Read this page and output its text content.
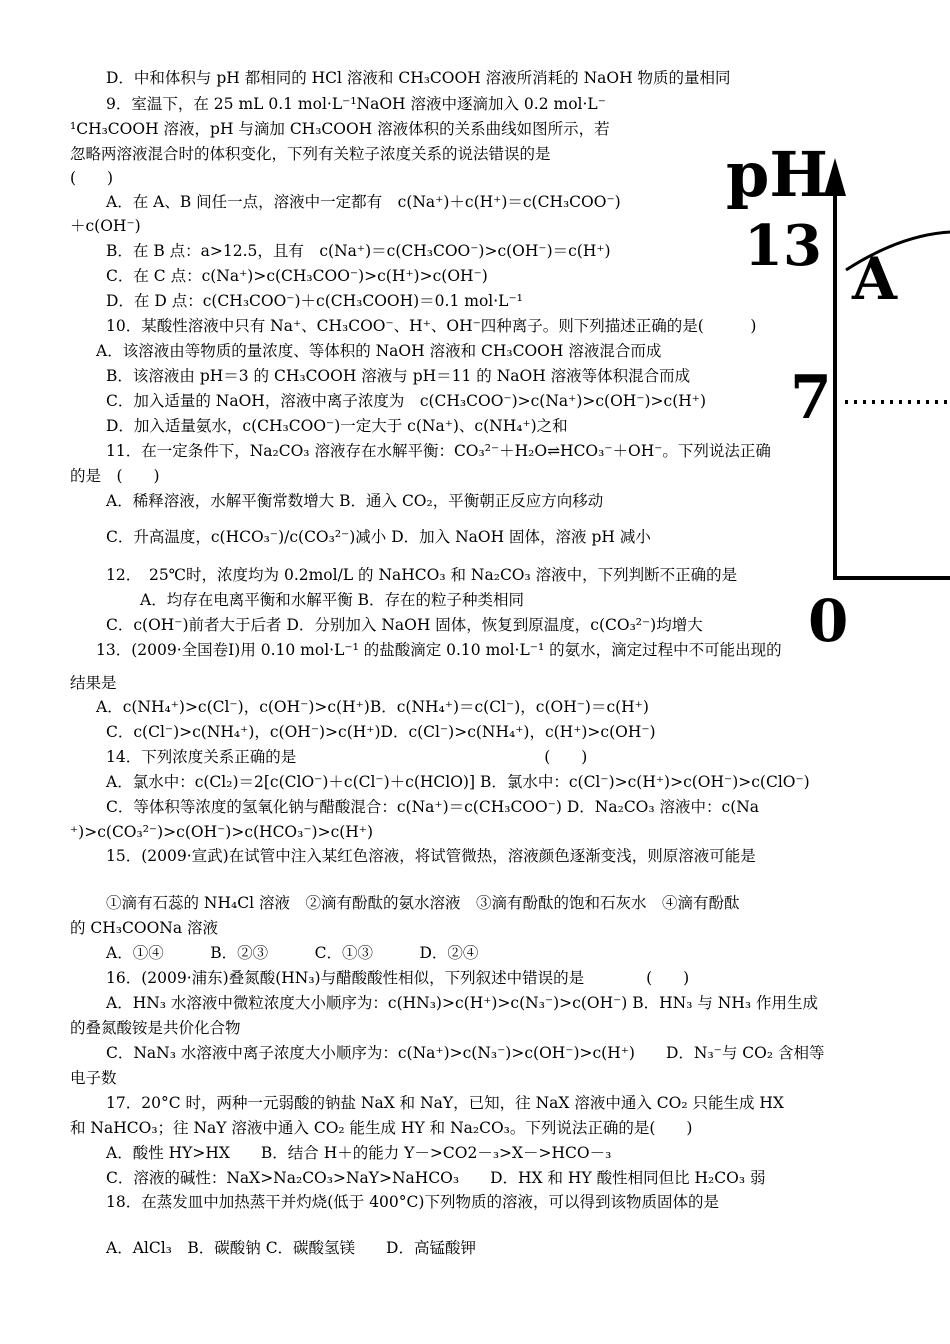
D．中和体积与 pH 都相同的 HCl 溶液和 CH₃COOH 溶液所消耗的 NaOH 物质的量相同
9．室温下，在 25 mL 0.1 mol·L⁻¹NaOH 溶液中逐滴加入 0.2 mol·L⁻
¹CH₃COOH 溶液，pH 与滴加 CH₃COOH 溶液体积的关系曲线如图所示，若
忽略两溶液混合时的体积变化，下列有关粒子浓度关系的说法错误的是
(　　)
A．在 A、B 间任一点，溶液中一定都有　c(Na⁺)＋c(H⁺)＝c(CH₃COO⁻)
＋c(OH⁻)
B．在 B 点：a>12.5，且有　c(Na⁺)＝c(CH₃COO⁻)>c(OH⁻)＝c(H⁺)
C．在 C 点：c(Na⁺)>c(CH₃COO⁻)>c(H⁺)>c(OH⁻)
D．在 D 点：c(CH₃COO⁻)＋c(CH₃COOH)＝0.1 mol·L⁻¹
10．某酸性溶液中只有 Na⁺、CH₃COO⁻、H⁺、OH⁻四种离子。则下列描述正确的是(　　　)
A．该溶液由等物质的量浓度、等体积的 NaOH 溶液和 CH₃COOH 溶液混合而成
B．该溶液由 pH＝3 的 CH₃COOH 溶液与 pH＝11 的 NaOH 溶液等体积混合而成
C．加入适量的 NaOH，溶液中离子浓度为　c(CH₃COO⁻)>c(Na⁺)>c(OH⁻)>c(H⁺)
D．加入适量氨水，c(CH₃COO⁻)一定大于 c(Na⁺)、c(NH₄⁺)之和
11．在一定条件下，Na₂CO₃ 溶液存在水解平衡：CO₃²⁻＋H₂O⇌HCO₃⁻＋OH⁻。下列说法正确
的是　(　　)
A．稀释溶液，水解平衡常数增大 B．通入 CO₂，平衡朝正反应方向移动
C．升高温度，c(HCO₃⁻)/c(CO₃²⁻)减小 D．加入 NaOH 固体，溶液 pH 减小
12．　25℃时，浓度均为 0.2mol/L 的 NaHCO₃ 和 Na₂CO₃ 溶液中，下列判断不正确的是
A．均存在电离平衡和水解平衡 B．存在的粒子种类相同
C．c(OH⁻)前者大于后者 D．分别加入 NaOH 固体，恢复到原温度，c(CO₃²⁻)均增大
13．(2009·全国卷Ⅰ)用 0.10 mol·L⁻¹ 的盐酸滴定 0.10 mol·L⁻¹ 的氨水，滴定过程中不可能出现的
结果是
A．c(NH₄⁺)>c(Cl⁻)，c(OH⁻)>c(H⁺)B．c(NH₄⁺)＝c(Cl⁻)，c(OH⁻)＝c(H⁺)
C．c(Cl⁻)>c(NH₄⁺)，c(OH⁻)>c(H⁺)D．c(Cl⁻)>c(NH₄⁺)，c(H⁺)>c(OH⁻)
14．下列浓度关系正确的是　　　　　　　　　　　　　　　　(　　)
A．氯水中：c(Cl₂)＝2[c(ClO⁻)＋c(Cl⁻)＋c(HClO)] B．氯水中：c(Cl⁻)>c(H⁺)>c(OH⁻)>c(ClO⁻)
C．等体积等浓度的氢氧化钠与醋酸混合：c(Na⁺)＝c(CH₃COO⁻) D．Na₂CO₃ 溶液中：c(Na
⁺)>c(CO₃²⁻)>c(OH⁻)>c(HCO₃⁻)>c(H⁺)
15．(2009·宣武)在试管中注入某红色溶液，将试管微热，溶液颜色逐渐变浅，则原溶液可能是
①滴有石蕊的 NH₄Cl 溶液　②滴有酚酞的氨水溶液　③滴有酚酞的饱和石灰水　④滴有酚酞
的 CH₃COONa 溶液
A．①④　　　B．②③　　　C．①③　　　D．②④
16．(2009·浦东)叠氮酸(HN₃)与醋酸酸性相似，下列叙述中错误的是　　　　(　　)
A．HN₃ 水溶液中微粒浓度大小顺序为：c(HN₃)>c(H⁺)>c(N₃⁻)>c(OH⁻) B．HN₃ 与 NH₃ 作用生成
的叠氮酸铵是共价化合物
C．NaN₃ 水溶液中离子浓度大小顺序为：c(Na⁺)>c(N₃⁻)>c(OH⁻)>c(H⁺)　　D．N₃⁻与 CO₂ 含相等
电子数
17．20°C 时，两种一元弱酸的钠盐 NaX 和 NaY，已知，往 NaX 溶液中通入 CO₂ 只能生成 HX
和 NaHCO₃；往 NaY 溶液中通入 CO₂ 能生成 HY 和 Na₂CO₃。下列说法正确的是(　　)
A．酸性 HY>HX　　B．结合 H＋的能力 Y－>CO2－₃>X－>HCO－₃
C．溶液的碱性：NaX>Na₂CO₃>NaY>NaHCO₃　　D．HX 和 HY 酸性相同但比 H₂CO₃ 弱
18．在蒸发皿中加热蒸干并灼烧(低于 400°C)下列物质的溶液，可以得到该物质固体的是
A．AlCl₃　B．碳酸钠 C．碳酸氢镁　　D．高锰酸钾
pH
13 A
7
0
